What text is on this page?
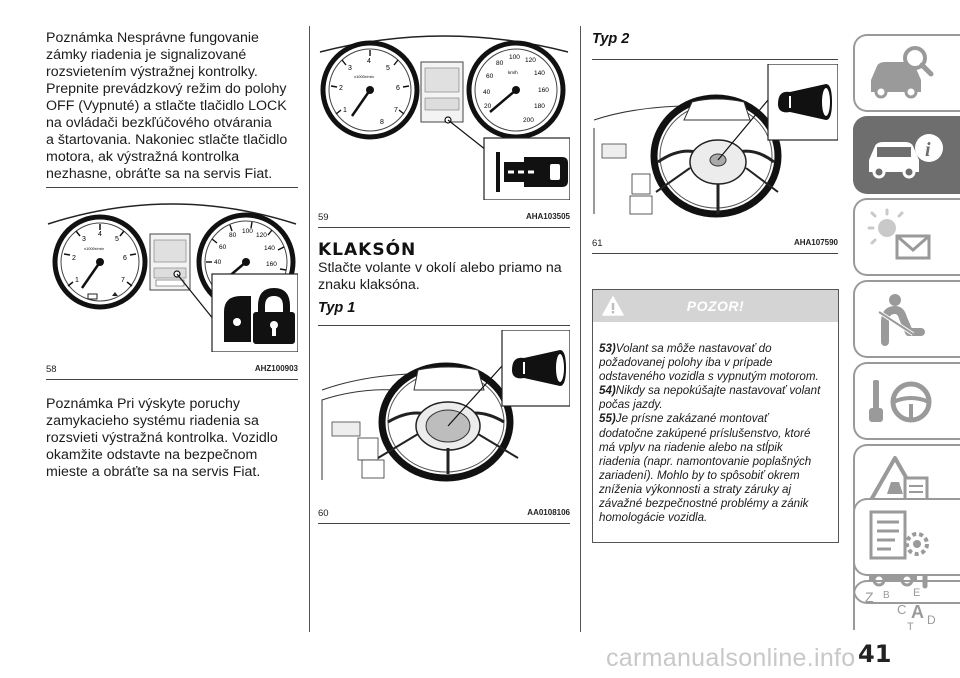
Poznámka Nesprávne fungovanie
zámky riadenia je signalizované
rozsvietením výstražnej kontrolky.
Prepnite prevádzkový režim do polohy
OFF (Vypnuté) a stlačte tlačidlo LOCK
na ovládači bezkľúčového otvárania
a štartovania. Nakoniec stlačte tlačidlo
motora, ak výstražná kontrolka
nezhasne, obráťte sa na servis Fiat.
1
2
3
4
5
6
7
x1000r/min
40
60
80
100
120
140
160
58	AHZ100903
Poznámka Pri výskyte poruchy
zamykacieho systému riadenia sa
rozsvieti výstražná kontrolka. Vozidlo
okamžite odstavte na bezpečnom
mieste a obráťte sa na servis Fiat.
1
2
3
4
5
6
7
8
x1000r/min
20
40
60
80
100 120
140
160
180
200
km/h
59	AHA103505
KLAKSÓN
Stlačte volante v okolí alebo priamo na
znaku klaksóna.
Typ 1
60	AA0108106
Typ 2
61	AHA107590
POZOR!
53)Volant sa môže nastavovať do
požadovanej polohy iba v prípade
odstaveného vozidla s vypnutým motorom.
54)Nikdy sa nepokúšajte nastavovať volant
počas jazdy.
55)Je prísne zakázané montovať
dodatočne zakúpené príslušenstvo, ktoré
má vplyv na riadenie alebo na stĺpik
riadenia (napr. namontovanie poplašných
zariadení). Mohlo by to spôsobiť okrem
zníženia výkonnosti a straty záruky aj
závažné bezpečnostné problémy a zánik
homologácie vozidla.
i
Z B
C
E
A D
T
carmanualsonline.info 41
